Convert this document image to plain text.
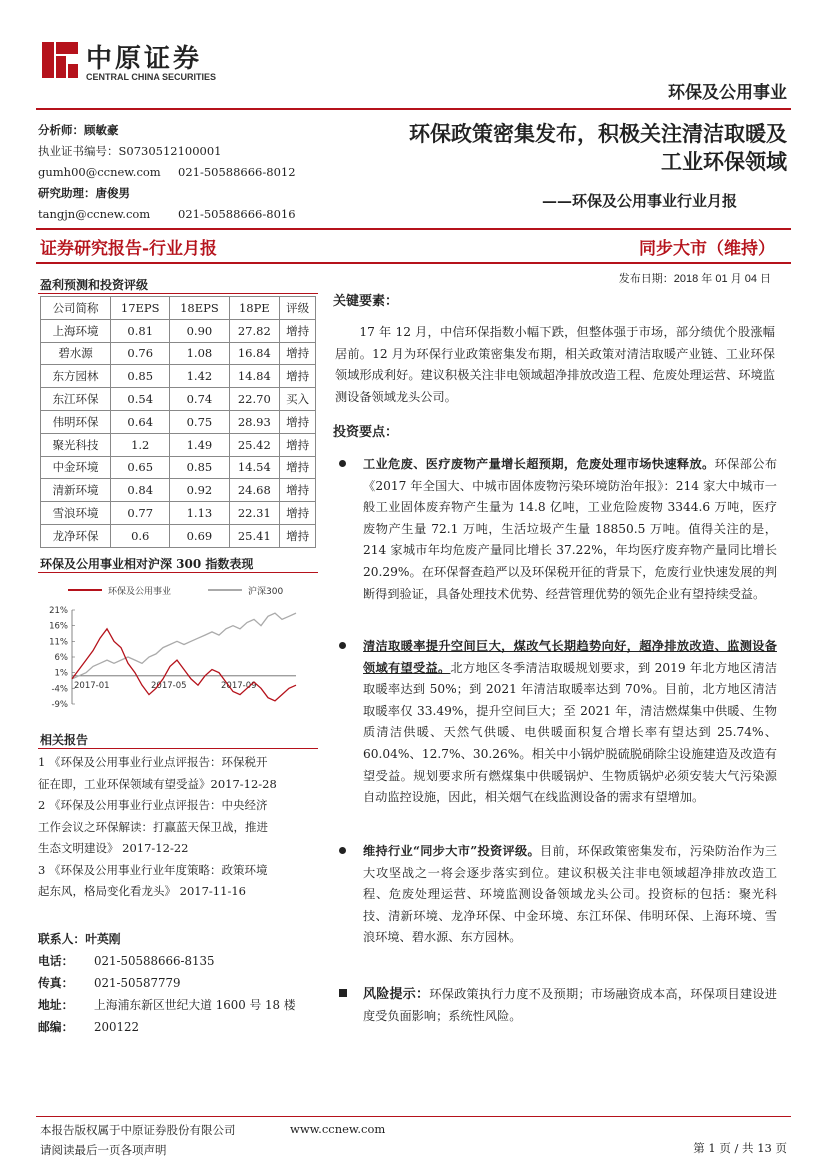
中原证券
CENTRAL CHINA SECURITIES
环保及公用事业
分析师：顾敏豪
执业证书编号：S0730512100001
gumh00@ccnew.com 021-50588666-8012
研究助理：唐俊男
tangjn@ccnew.com 021-50588666-8016
环保政策密集发布，积极关注清洁取暖及
工业环保领域
——环保及公用事业行业月报
证券研究报告-行业月报	同步大市（维持）
发布日期：2018 年 01 月 04 日
盈利预测和投资评级
公司简称	17EPS	18EPS	18PE	评级
上海环境	0.81	0.90	27.82	增持
碧水源	0.76	1.08	16.84	增持
东方园林	0.85	1.42	14.84	增持
东江环保	0.54	0.74	22.70	买入
伟明环保	0.64	0.75	28.93	增持
聚光科技	1.2	1.49	25.42	增持
中金环境	0.65	0.85	14.54	增持
清新环境	0.84	0.92	24.68	增持
雪浪环境	0.77	1.13	22.31	增持
龙净环保	0.6	0.69	25.41	增持
环保及公用事业相对沪深 300 指数表现
环保及公用事业	沪深300
21%
16%
11%
6%
1%
-4%
-9%
2017-01	2017-05	2017-09
相关报告
1 《环保及公用事业行业点评报告：环保税开
征在即，工业环保领域有望受益》2017-12-28
2 《环保及公用事业行业点评报告：中央经济
工作会议之环保解读：打赢蓝天保卫战，推进
生态文明建设》 2017-12-22
3 《环保及公用事业行业年度策略：政策环境
起东风，格局变化看龙头》 2017-11-16
联系人：叶英刚
电话： 021-50588666-8135
传真： 021-50587779
地址： 上海浦东新区世纪大道 1600 号 18 楼
邮编： 200122
关键要素：

17 年 12 月，中信环保指数小幅下跌，但整体强于市场，部分绩优个股涨幅居前。12 月为环保行业政策密集发布期，相关政策对清洁取暖产业链、工业环保领域形成利好。建议积极关注非电领域超净排放改造工程、危废处理运营、环境监测设备领域龙头公司。

投资要点：
工业危废、医疗废物产量增长超预期，危废处理市场快速释放。环保部公布《2017 年全国大、中城市固体废物污染环境防治年报》：214 家大中城市一般工业固体废弃物产生量为 14.8 亿吨，工业危险废物 3344.6 万吨，医疗废物产生量 72.1 万吨，生活垃圾产生量 18850.5 万吨。值得关注的是，214 家城市年均危废产量同比增长 37.22%，年均医疗废弃物产量同比增长 20.29%。在环保督查趋严以及环保税开征的背景下，危废行业快速发展的判断得到验证，具备处理技术优势、经营管理优势的领先企业有望持续受益。
清洁取暖率提升空间巨大，煤改气长期趋势向好，超净排放改造、监测设备领域有望受益。北方地区冬季清洁取暖规划要求，到 2019 年北方地区清洁取暖率达到 50%；到 2021 年清洁取暖率达到 70%。目前，北方地区清洁取暖率仅 33.49%，提升空间巨大；至 2021 年，清洁燃煤集中供暖、生物质清洁供暖、天然气供暖、电供暖面积复合增长率有望达到 25.74%、60.04%、12.7%、30.26%。相关中小锅炉脱硫脱硝除尘设施建造及改造有望受益。规划要求所有燃煤集中供暖锅炉、生物质锅炉必须安装大气污染源自动监控设施，因此，相关烟气在线监测设备的需求有望增加。
维持行业“同步大市”投资评级。目前，环保政策密集发布，污染防治作为三大攻坚战之一将会逐步落实到位。建议积极关注非电领域超净排放改造工程、危废处理运营、环境监测设备领域龙头公司。投资标的包括：聚光科技、清新环境、龙净环保、中金环境、东江环保、伟明环保、上海环境、雪浪环境、碧水源、东方园林。
风险提示：环保政策执行力度不及预期；市场融资成本高，环保项目建设进度受负面影响；系统性风险。
本报告版权属于中原证券股份有限公司	www.ccnew.com
请阅读最后一页各项声明	第 1 页 / 共 13 页
